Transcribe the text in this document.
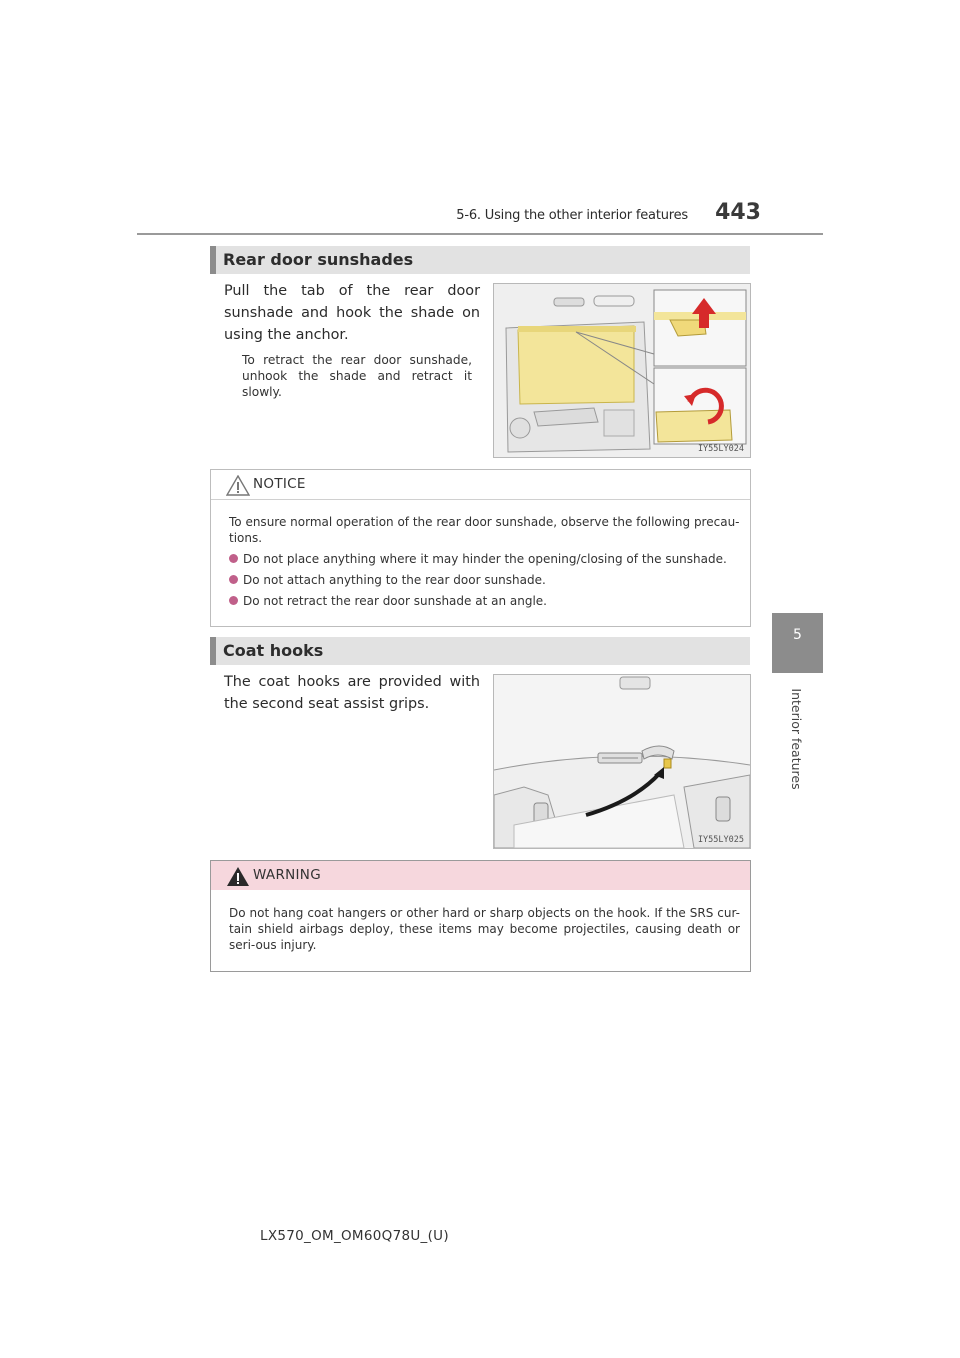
5-6. Using the other interior features	443
5
Interior features
Rear door sunshades
Pull the tab of the rear door sunshade and hook the shade on using the anchor.
To retract the rear door sunshade, unhook the shade and retract it slowly.
IY55LY024
NOTICE
To ensure normal operation of the rear door sunshade, observe the following precau-tions.
Do not place anything where it may hinder the opening/closing of the sunshade.
Do not attach anything to the rear door sunshade.
Do not retract the rear door sunshade at an angle.
Coat hooks
The coat hooks are provided with the second seat assist grips.
IY55LY025
WARNING
Do not hang coat hangers or other hard or sharp objects on the hook. If the SRS cur-tain shield airbags deploy, these items may become projectiles, causing death or seri-ous injury.
LX570_OM_OM60Q78U_(U)
